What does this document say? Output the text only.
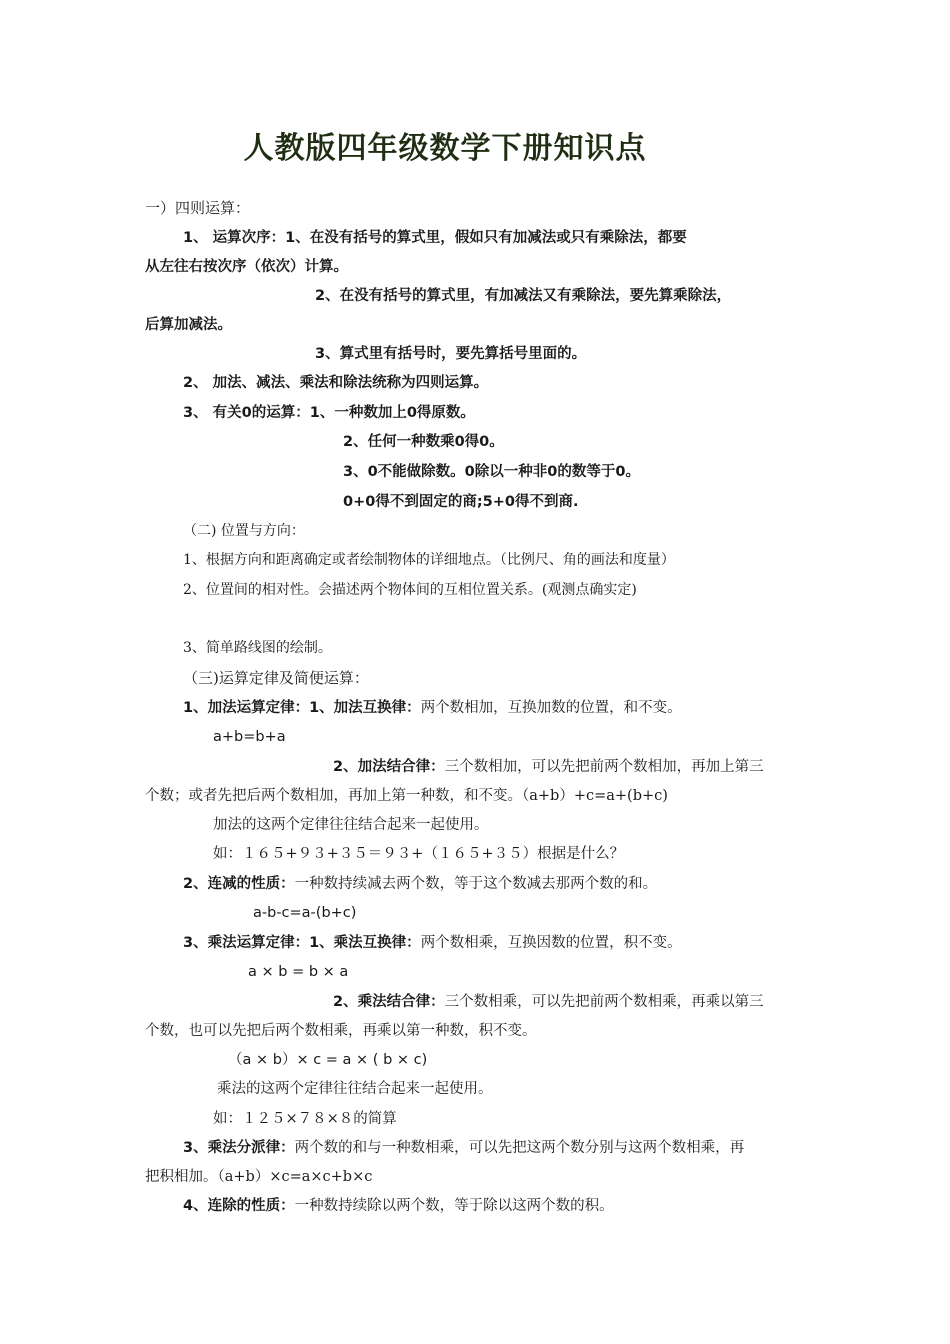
人教版四年级数学下册知识点
一）四则运算：
1、 运算次序：1、在没有括号的算式里，假如只有加减法或只有乘除法，都要
从左往右按次序（依次）计算。
2、在没有括号的算式里，有加减法又有乘除法，要先算乘除法，
后算加减法。
3、算式里有括号时，要先算括号里面的。
2、 加法、减法、乘法和除法统称为四则运算。
3、 有关0的运算：1、一种数加上0得原数。
2、任何一种数乘0得0。
3、0不能做除数。0除以一种非0的数等于0。
0+0得不到固定的商;5+0得不到商.
（二) 位置与方向：
1、根据方向和距离确定或者绘制物体的详细地点。（比例尺、角的画法和度量）
2、位置间的相对性。会描述两个物体间的互相位置关系。(观测点确实定)
3、简单路线图的绘制。
（三)运算定律及简便运算：
1、加法运算定律：1、加法互换律：两个数相加，互换加数的位置，和不变。
a+b=b+a
2、加法结合律：三个数相加，可以先把前两个数相加，再加上第三
个数；或者先把后两个数相加，再加上第一种数，和不变。（a+b）+c=a+(b+c)
加法的这两个定律往往结合起来一起使用。
如：１６５+９３+３５＝９３+（１６５+３５）根据是什么？
2、连减的性质：一种数持续减去两个数，等于这个数减去那两个数的和。
a-b-c=a-(b+c)
3、乘法运算定律：1、乘法互换律：两个数相乘，互换因数的位置，积不变。
a × b = b × a
2、乘法结合律：三个数相乘，可以先把前两个数相乘，再乘以第三
个数，也可以先把后两个数相乘，再乘以第一种数，积不变。
（a × b）× c = a × ( b × c)
乘法的这两个定律往往结合起来一起使用。
如：１２５×７８×８的简算
3、乘法分派律：两个数的和与一种数相乘，可以先把这两个数分别与这两个数相乘，再
把积相加。（a+b）×c=a×c+b×c
4、连除的性质：一种数持续除以两个数，等于除以这两个数的积。
